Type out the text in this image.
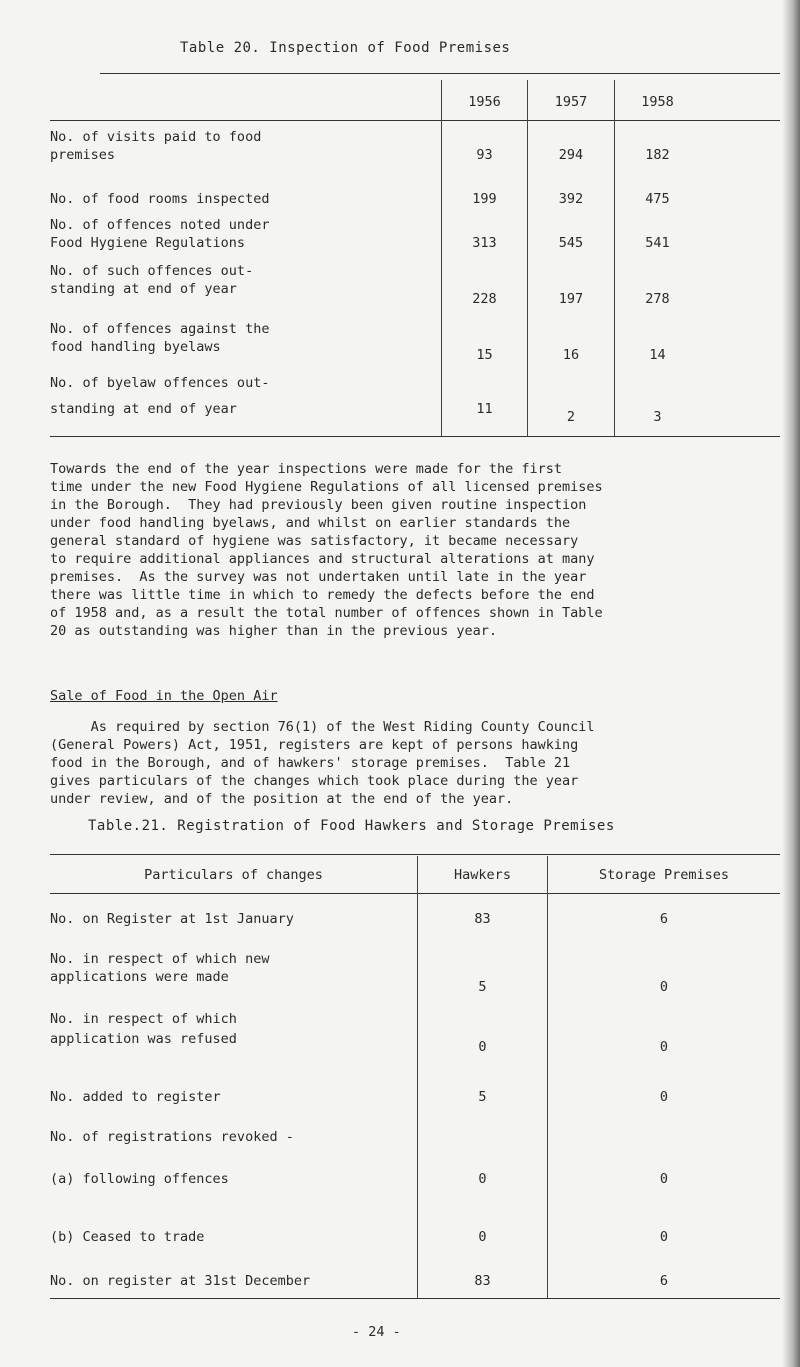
Table 20. Inspection of Food Premises
1956	1957	1958
No. of visits paid to food
premises	93	294	182
No. of food rooms inspected	199	392	475
No. of offences noted under
Food Hygiene Regulations	313	545	541
No. of such offences out-
standing at end of year
228	197	278
No. of offences against the
food handling byelaws	15	16	14
No. of byelaw offences out-
standing at end of year	11	2	3
Towards the end of the year inspections were made for the first
time under the new Food Hygiene Regulations of all licensed premises
in the Borough.  They had previously been given routine inspection
under food handling byelaws, and whilst on earlier standards the
general standard of hygiene was satisfactory, it became necessary
to require additional appliances and structural alterations at many
premises.  As the survey was not undertaken until late in the year
there was little time in which to remedy the defects before the end
of 1958 and, as a result the total number of offences shown in Table
20 as outstanding was higher than in the previous year.
Sale of Food in the Open Air
As required by section 76(1) of the West Riding County Council
(General Powers) Act, 1951, registers are kept of persons hawking
food in the Borough, and of hawkers' storage premises.  Table 21
gives particulars of the changes which took place during the year
under review, and of the position at the end of the year.
Table.21. Registration of Food Hawkers and Storage Premises
Particulars of changes	Hawkers	Storage Premises
No. on Register at 1st January	83	6
No. in respect of which new
applications were made
5	0
No. in respect of which
application was refused	0	0
No. added to register	5	0
No. of registrations revoked -
(a) following offences	0	0
(b) Ceased to trade	0	0
No. on register at 31st December	83	6
- 24 -
